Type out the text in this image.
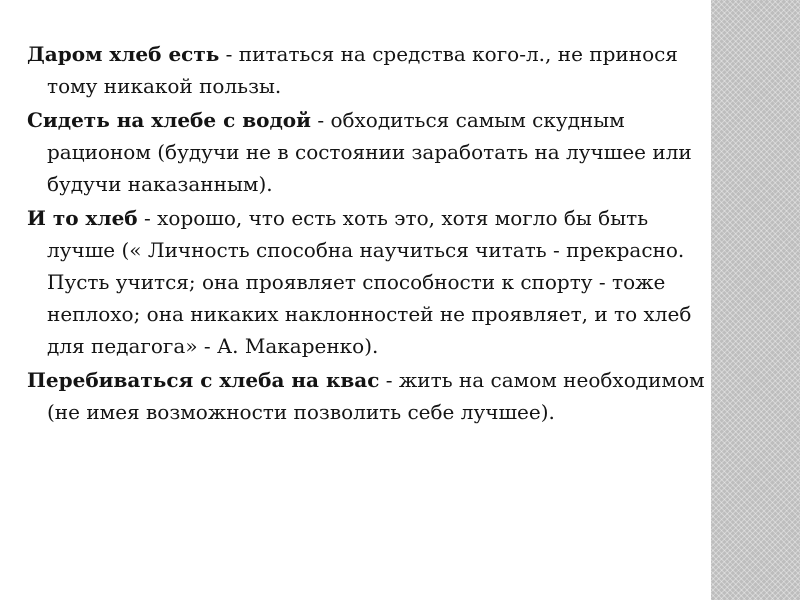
Даром хлеб есть - питаться на средства кого-л., не принося тому никакой пользы.

Сидеть на хлебе с водой - обходиться самым скудным рационом (будучи не в состоянии заработать на лучшее или будучи наказанным).

И то хлеб - хорошо, что есть хоть это, хотя могло бы быть лучше (« Личность способна научиться читать - прекрасно. Пусть учится; она проявляет способности к спорту - тоже неплохо; она никаких наклонностей не проявляет, и то хлеб для педагога» - А. Макаренко).

Перебиваться с хлеба на квас - жить на самом необходимом (не имея возможности позволить себе лучшее).
